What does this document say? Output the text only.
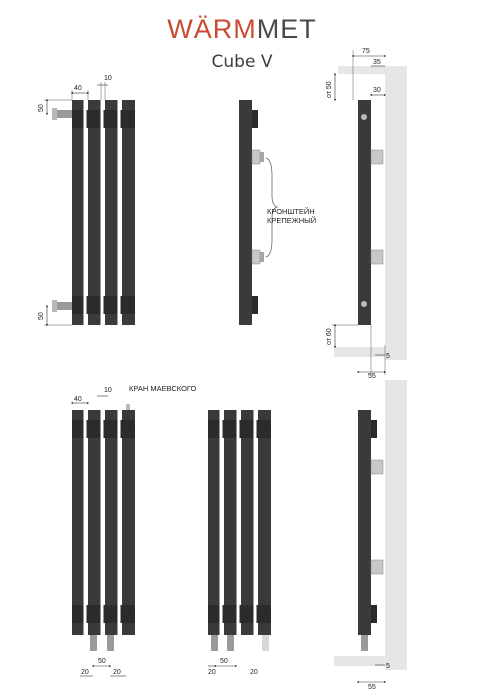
WÄRMMET
Cube V
40
10
50
50
КРОНШТЕЙН
КРЕПЕЖНЫЙ
75
35
30
от 50
от 60
5
55
40
10 КРАН МАЕВСКОГО
50
20	20	20
50
20
5
55
